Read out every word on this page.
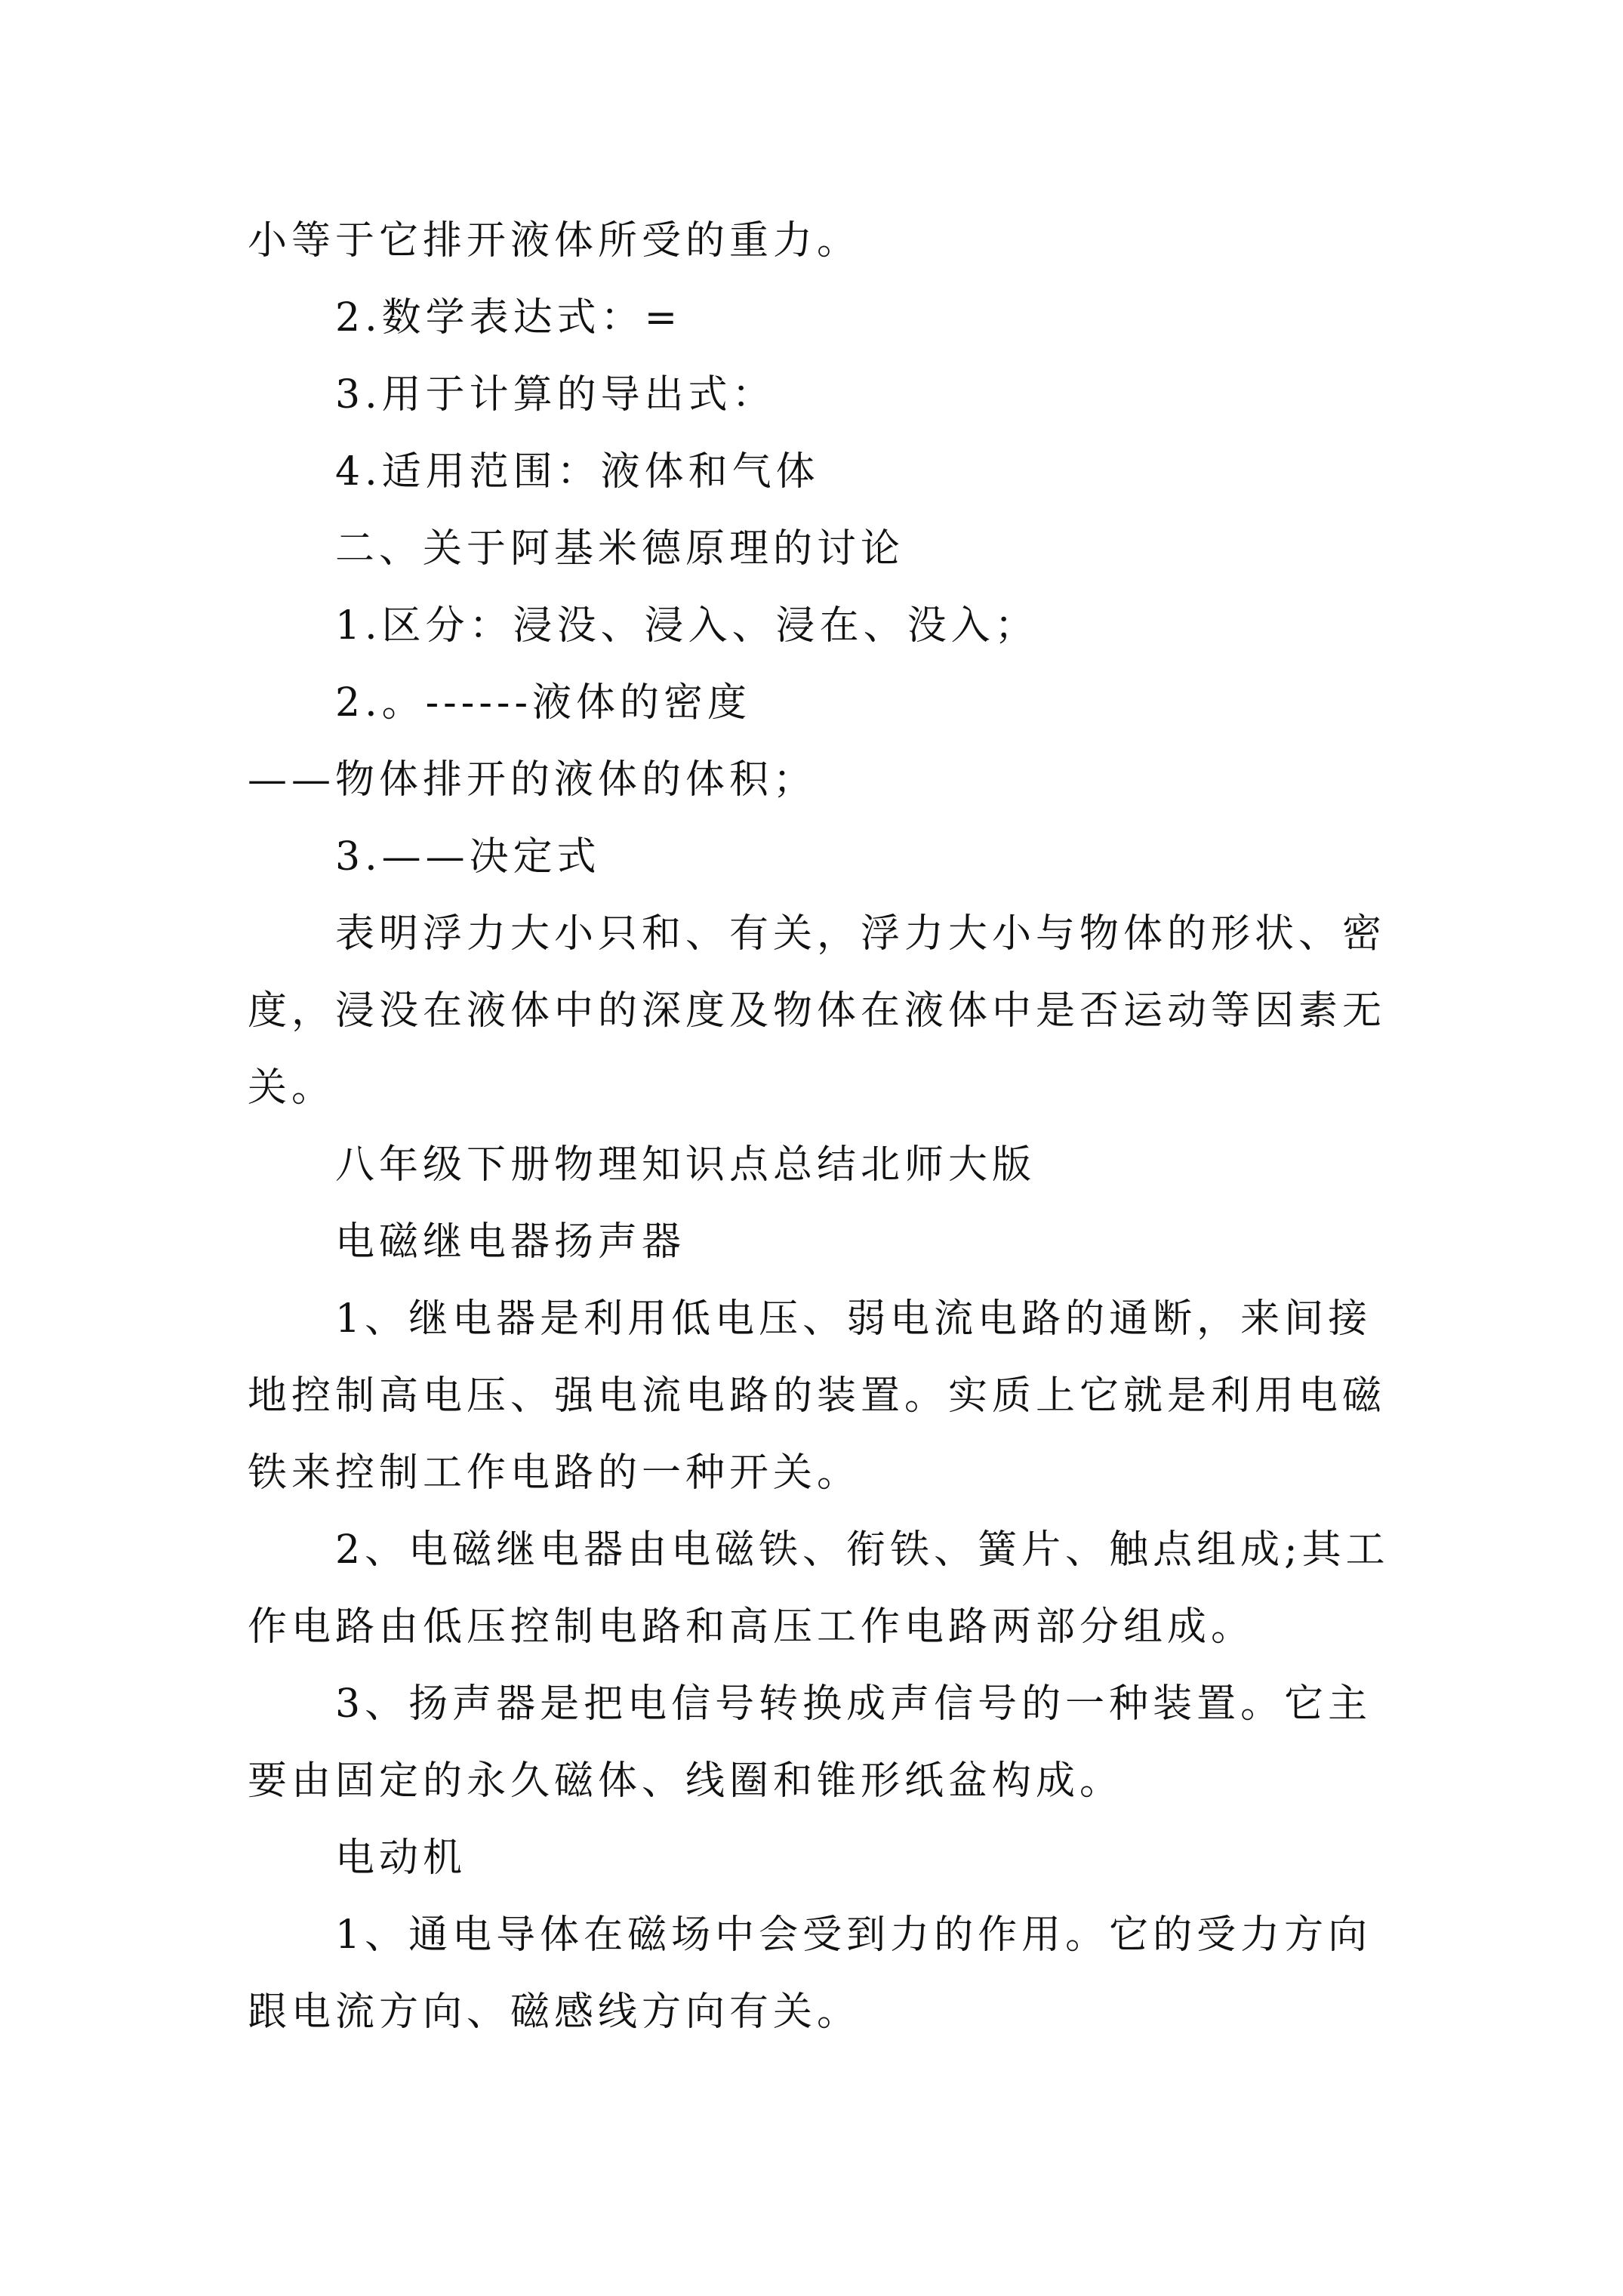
小等于它排开液体所受的重力。
2.数学表达式：=
3.用于计算的导出式：
4.适用范围：液体和气体
二、关于阿基米德原理的讨论
1.区分：浸没、浸入、浸在、没入；
2.。------液体的密度
——物体排开的液体的体积；
3.——决定式
表明浮力大小只和、有关，浮力大小与物体的形状、密
度，浸没在液体中的深度及物体在液体中是否运动等因素无
关。
八年级下册物理知识点总结北师大版
电磁继电器扬声器
1、继电器是利用低电压、弱电流电路的通断，来间接
地控制高电压、强电流电路的装置。实质上它就是利用电磁
铁来控制工作电路的一种开关。
2、电磁继电器由电磁铁、衔铁、簧片、触点组成;其工
作电路由低压控制电路和高压工作电路两部分组成。
3、扬声器是把电信号转换成声信号的一种装置。它主
要由固定的永久磁体、线圈和锥形纸盆构成。
电动机
1、通电导体在磁场中会受到力的作用。它的受力方向
跟电流方向、磁感线方向有关。
